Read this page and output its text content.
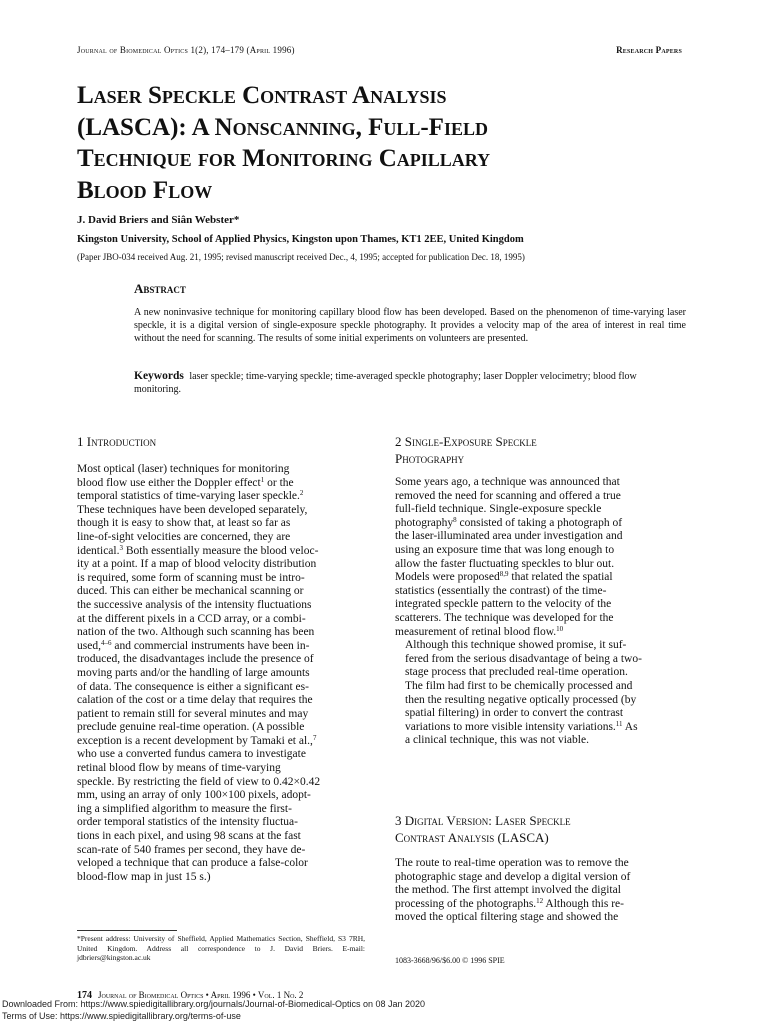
Journal of Biomedical Optics 1(2), 174–179 (April 1996)	Research Papers
Laser Speckle Contrast Analysis
(LASCA): A Nonscanning, Full-Field
Technique for Monitoring Capillary
Blood Flow
J. David Briers and Siân Webster*
Kingston University, School of Applied Physics, Kingston upon Thames, KT1 2EE, United Kingdom
(Paper JBO-034 received Aug. 21, 1995; revised manuscript received Dec., 4, 1995; accepted for publication Dec. 18, 1995)
Abstract
A new noninvasive technique for monitoring capillary blood flow has been developed. Based on the phenomenon of time-varying laser speckle, it is a digital version of single-exposure speckle photography. It provides a velocity map of the area of interest in real time without the need for scanning. The results of some initial experiments on volunteers are presented.
Keywords laser speckle; time-varying speckle; time-averaged speckle photography; laser Doppler velocimetry; blood flow monitoring.
1 Introduction

Most optical (laser) techniques for monitoring
blood flow use either the Doppler effect$^1$ or the
temporal statistics of time-varying laser speckle.$^2$
These techniques have been developed separately,
though it is easy to show that, at least so far as
line-of-sight velocities are concerned, they are
identical.$^3$ Both essentially measure the blood veloc-
ity at a point. If a map of blood velocity distribution
is required, some form of scanning must be intro-
duced. This can either be mechanical scanning or
the successive analysis of the intensity fluctuations
at the different pixels in a CCD array, or a combi-
nation of the two. Although such scanning has been
used,$^{4-6}$ and commercial instruments have been in-
troduced, the disadvantages include the presence of
moving parts and/or the handling of large amounts
of data. The consequence is either a significant es-
calation of the cost or a time delay that requires the
patient to remain still for several minutes and may
preclude genuine real-time operation. (A possible
exception is a recent development by Tamaki et al.,$^7$
who use a converted fundus camera to investigate
retinal blood flow by means of time-varying
speckle. By restricting the field of view to 0.42×0.42
mm, using an array of only 100×100 pixels, adopt-
ing a simplified algorithm to measure the first-
order temporal statistics of the intensity fluctua-
tions in each pixel, and using 98 scans at the fast
scan-rate of 540 frames per second, they have de-
veloped a technique that can produce a false-color
blood-flow map in just 15 s.)

*Present address: University of Sheffield, Applied Mathematics Section, Sheffield, S3 7RH, United Kingdom. Address all correspondence to J. David Briers. E-mail: jdbriers@kingston.ac.uk
2 Single-Exposure Speckle
Photography

Some years ago, a technique was announced that
removed the need for scanning and offered a true
full-field technique. Single-exposure speckle
photography$^8$ consisted of taking a photograph of
the laser-illuminated area under investigation and
using an exposure time that was long enough to
allow the faster fluctuating speckles to blur out.
Models were proposed$^{8,9}$ that related the spatial
statistics (essentially the contrast) of the time-
integrated speckle pattern to the velocity of the
scatterers. The technique was developed for the
measurement of retinal blood flow.$^{10}$

Although this technique showed promise, it suf-
fered from the serious disadvantage of being a two-
stage process that precluded real-time operation.
The film had first to be chemically processed and
then the resulting negative optically processed (by
spatial filtering) in order to convert the contrast
variations to more visible intensity variations.$^{11}$ As
a clinical technique, this was not viable.

3 Digital Version: Laser Speckle
Contrast Analysis (LASCA)

The route to real-time operation was to remove the
photographic stage and develop a digital version of
the method. The first attempt involved the digital
processing of the photographs.$^{12}$ Although this re-
moved the optical filtering stage and showed the

1083-3668/96/$6.00 © 1996 SPIE
174 Journal of Biomedical Optics • April 1996 • Vol. 1 No. 2
Downloaded From: https://www.spiedigitallibrary.org/journals/Journal-of-Biomedical-Optics on 08 Jan 2020
Terms of Use: https://www.spiedigitallibrary.org/terms-of-use
